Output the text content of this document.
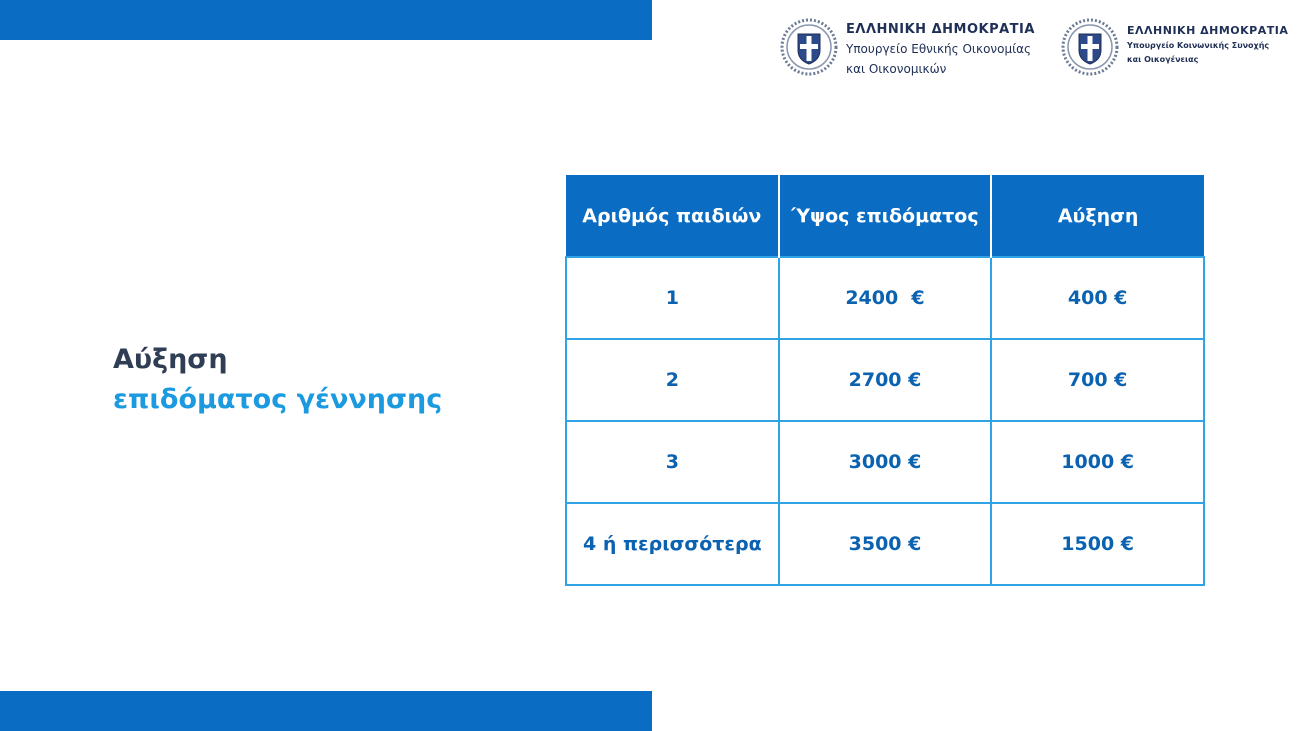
ΕΛΛΗΝΙΚΗ ΔΗΜΟΚΡΑΤΙΑ
Υπουργείο Εθνικής Οικονομίας
και Οικονομικών
ΕΛΛΗΝΙΚΗ ΔΗΜΟΚΡΑΤΙΑ
Υπουργείο Κοινωνικής Συνοχής
και Οικογένειας
Αύξηση
επιδόματος γέννησης
Αριθμός παιδιών	Ύψος επιδόματος	Αύξηση
1	2400  €	400 €
2	2700 €	700 €
3	3000 €	1000 €
4 ή περισσότερα	3500 €	1500 €
